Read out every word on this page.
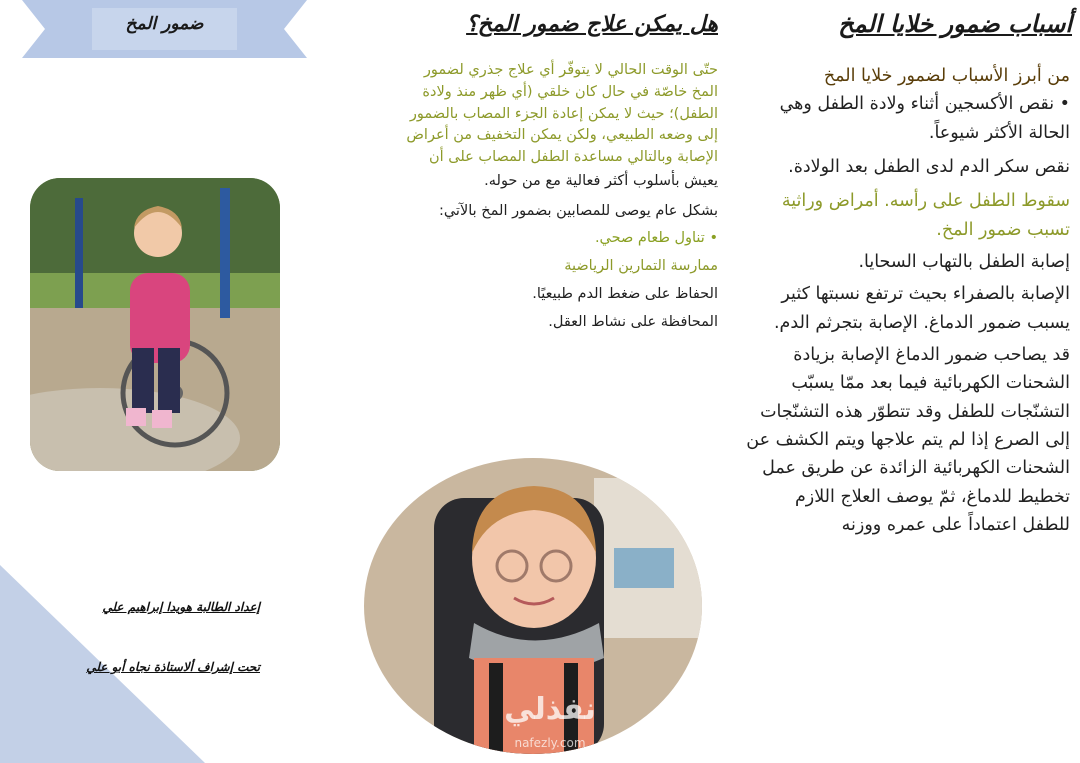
ضمور المخ
إعداد الطالبة هويدا إبراهيم علي
تحت إشراف ألاستاذة نجاه أبو علي
هل يمكن علاج ضمور المخ؟

حتّى الوقت الحالي لا يتوفّر أي علاج جذري لضمور المخ خاصّة في حال كان خلقي (أي ظهر منذ ولادة الطفل)؛ حيث لا يمكن إعادة الجزء المصاب بالضمور إلى وضعه الطبيعي، ولكن يمكن التخفيف من أعراض الإصابة وبالتالي مساعدة الطفل المصاب على أن

يعيش بأسلوب أكثر فعالية مع من حوله.

بشكل عام يوصى للمصابين بضمور المخ بالآتي:

• تناول طعام صحي.

ممارسة التمارين الرياضية

الحفاظ على ضغط الدم طبيعيًا.

المحافظة على نشاط العقل.

نفذلي
nafezly.com
أسباب ضمور خلايا المخ

من أبرز الأسباب لضمور خلايا المخ

• نقص الأكسجين أثناء ولادة الطفل وهي الحالة الأكثر شيوعاً.

نقص سكر الدم لدى الطفل بعد الولادة.

سقوط الطفل على رأسه. أمراض وراثية تسبب ضمور المخ.

إصابة الطفل بالتهاب السحايا.

الإصابة بالصفراء بحيث ترتفع نسبتها كثير يسبب ضمور الدماغ. الإصابة بتجرثم الدم.

قد يصاحب ضمور الدماغ الإصابة بزيادة الشحنات الكهربائية فيما بعد ممّا يسبّب التشنّجات للطفل وقد تتطوّر هذه التشنّجات إلى الصرع إذا لم يتم علاجها ويتم الكشف عن الشحنات الكهربائية الزائدة عن طريق عمل تخطيط للدماغ، ثمّ يوصف العلاج اللازم للطفل اعتماداً على عمره ووزنه
